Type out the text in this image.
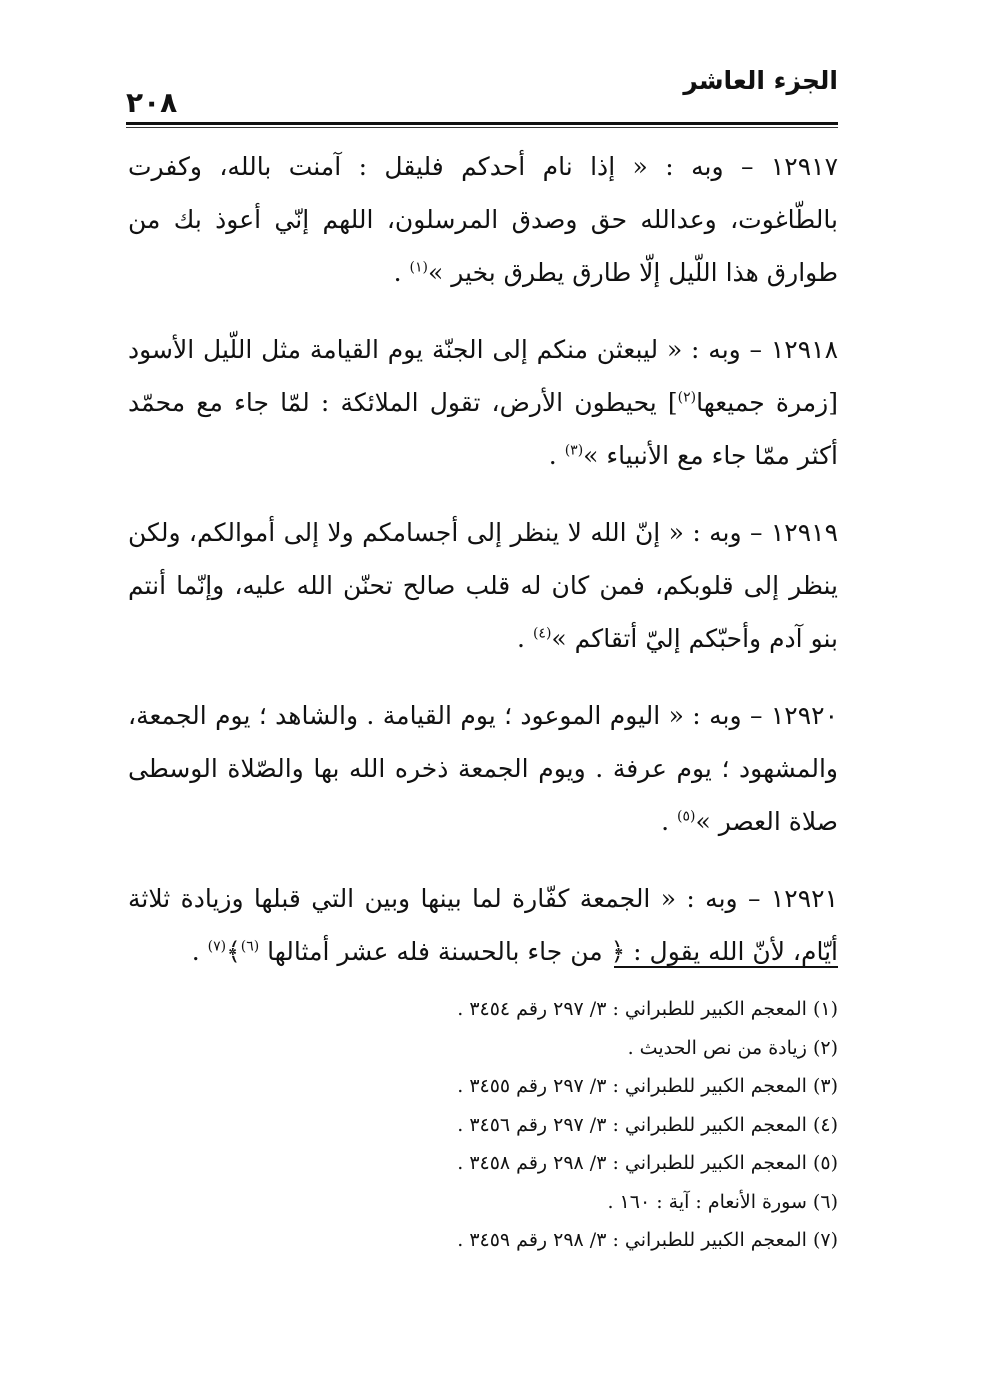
الجزء العاشر
٢٠٨

١٢٩١٧ – وبه : « إذا نام أحدكم فليقل : آمنت بالله، وكفرت بالطّاغوت، وعدالله حق وصدق المرسلون، اللهم إنّي أعوذ بك من طوارق هذا اللّيل إلّا طارق يطرق بخير »$^{(١)}$ .

١٢٩١٨ – وبه : « ليبعثن منكم إلى الجنّة يوم القيامة مثل اللّيل الأسود [زمرة جميعها$^{(٢)}$] يحيطون الأرض، تقول الملائكة : لمّا جاء مع محمّد أكثر ممّا جاء مع الأنبياء »$^{(٣)}$ .

١٢٩١٩ – وبه : « إنّ الله لا ينظر إلى أجسامكم ولا إلى أموالكم، ولكن ينظر إلى قلوبكم، فمن كان له قلب صالح تحنّن الله عليه، وإنّما أنتم بنو آدم وأحبّكم إليّ أتقاكم »$^{(٤)}$ .

١٢٩٢٠ – وبه : « اليوم الموعود ؛ يوم القيامة . والشاهد ؛ يوم الجمعة، والمشهود ؛ يوم عرفة . ويوم الجمعة ذخره الله بها والصّلاة الوسطى صلاة العصر »$^{(٥)}$ .

١٢٩٢١ – وبه : « الجمعة كفّارة لما بينها وبين التي قبلها وزيادة ثلاثة أيّام، لأنّ الله يقول : ﴿ من جاء بالحسنة فله عشر أمثالها $^{(٦)}$﴾$^{(٧)}$ .

(١) المعجم الكبير للطبراني : ٣/ ٢٩٧ رقم ٣٤٥٤ .

(٢) زيادة من نص الحديث .

(٣) المعجم الكبير للطبراني : ٣/ ٢٩٧ رقم ٣٤٥٥ .

(٤) المعجم الكبير للطبراني : ٣/ ٢٩٧ رقم ٣٤٥٦ .

(٥) المعجم الكبير للطبراني : ٣/ ٢٩٨ رقم ٣٤٥٨ .

(٦) سورة الأنعام : آية : ١٦٠ .

(٧) المعجم الكبير للطبراني : ٣/ ٢٩٨ رقم ٣٤٥٩ .
